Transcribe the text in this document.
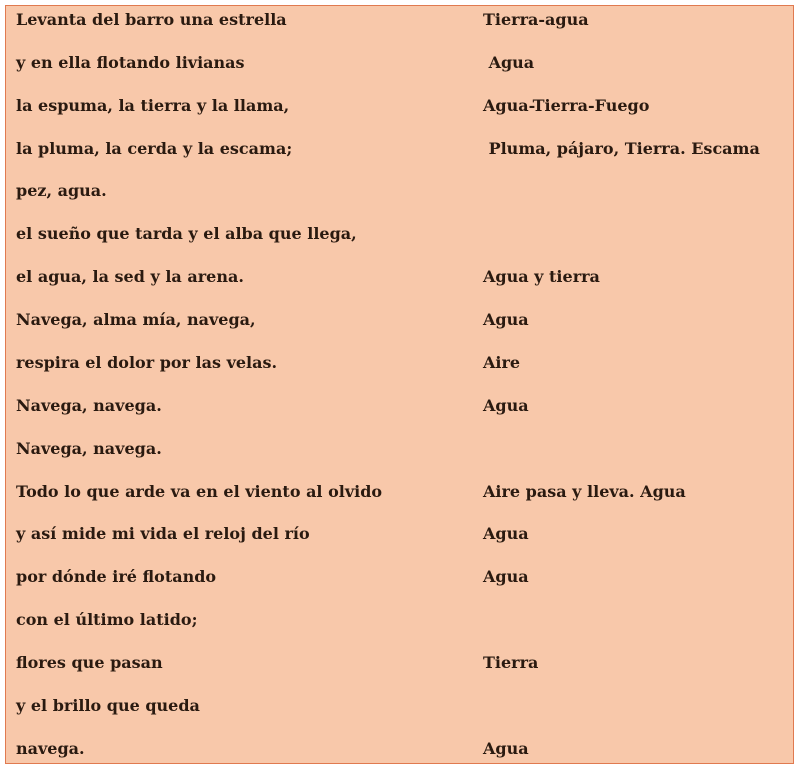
Levanta del barro una estrella	Tierra-agua
y en ella flotando livianas	Agua
la espuma, la tierra y la llama,	Agua-Tierra-Fuego
la pluma, la cerda y la escama;	Pluma, pájaro, Tierra. Escama
pez, agua.
el sueño que tarda y el alba que llega,
el agua, la sed y la arena.	Agua y tierra
Navega, alma mía, navega,	Agua
respira el dolor por las velas.	Aire
Navega, navega.	Agua
Navega, navega.
Todo lo que arde va en el viento al olvido	Aire pasa y lleva. Agua
y así mide mi vida el reloj del río	Agua
por dónde iré flotando	Agua
con el último latido;
flores que pasan	Tierra
y el brillo que queda
navega.	Agua
